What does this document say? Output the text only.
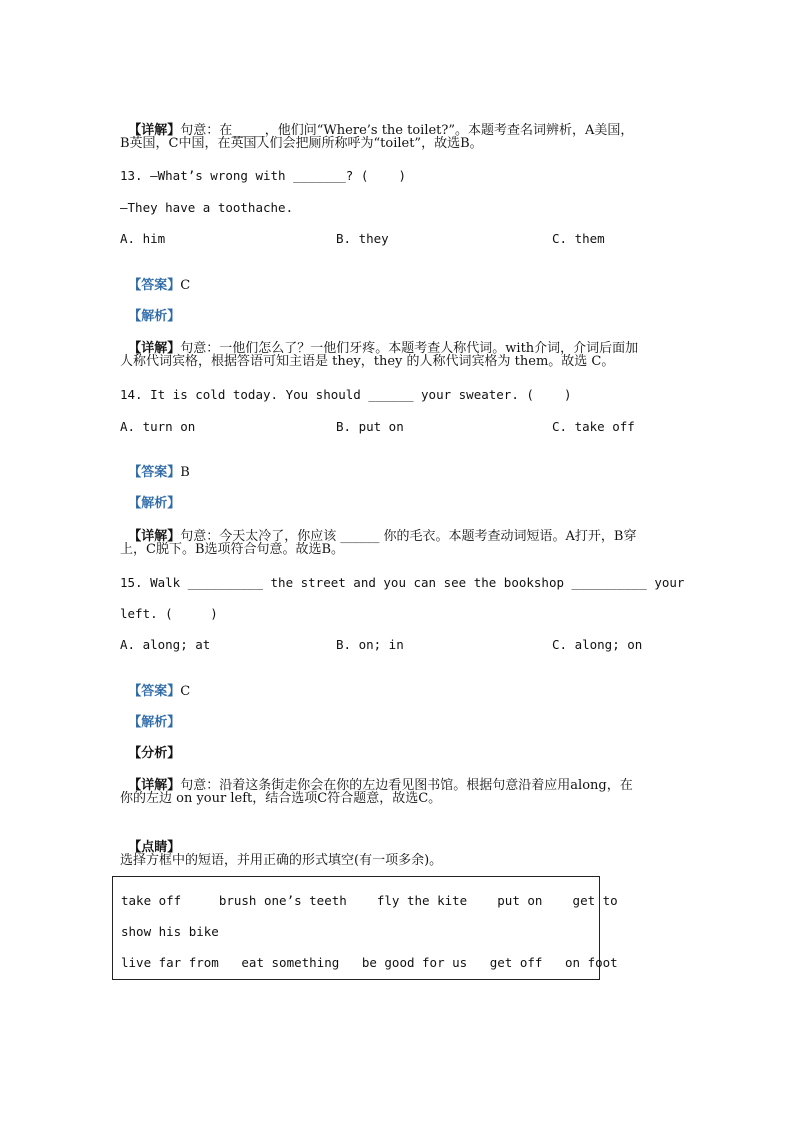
【详解】句意：在_____，他们问“Where’s the toilet?”。本题考查名词辨析，A美国，

B英国，C中国，在英国人们会把厕所称呼为“toilet”，故选B。
13. —What’s wrong with _______? (    )
—They have a toothache.
A. him	B. they	C. them

【答案】C

【解析】

【详解】句意：一他们怎么了？一他们牙疼。本题考查人称代词。with介词，介词后面加

人称代词宾格，根据答语可知主语是 they，they 的人称代词宾格为 them。故选 C。
14. It is cold today. You should ______ your sweater. (    )
A. turn on	B. put on	C. take off

【答案】B

【解析】

【详解】句意：今天太冷了，你应该 ______ 你的毛衣。本题考查动词短语。A打开，B穿

上，C脱下。B选项符合句意。故选B。
15. Walk __________ the street and you can see the bookshop __________ your
left. (     )
A. along; at	B. on; in	C. along; on

【答案】C

【解析】

【分析】

【详解】句意：沿着这条街走你会在你的左边看见图书馆。根据句意沿着应用along，在

你的左边 on your left，结合选项C符合题意，故选C。

【点睛】

选择方框中的短语，并用正确的形式填空(有一项多余)。
take off     brush one’s teeth    fly the kite    put on    get to
show his bike
live far from   eat something   be good for us   get off   on foot
